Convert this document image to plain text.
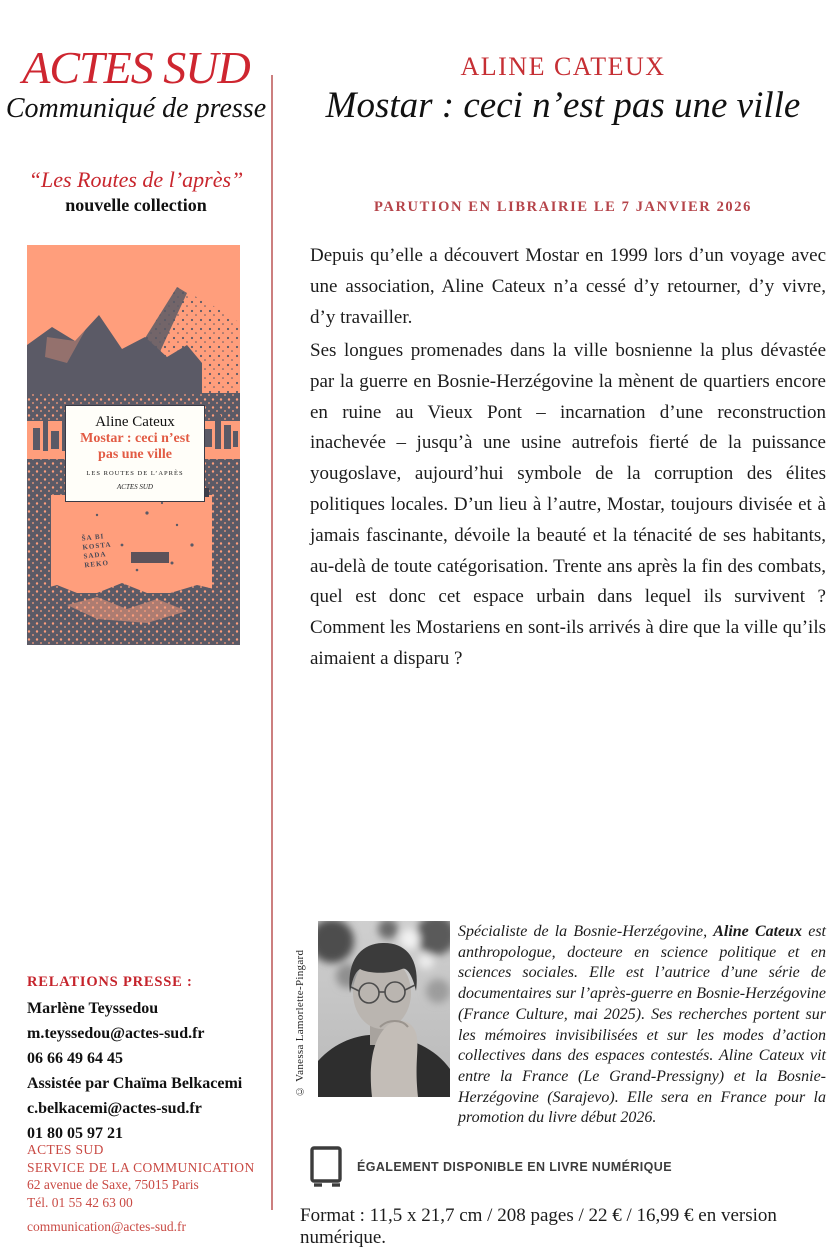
ACTES SUD
Communiqué de presse
“Les Routes de l’après”
nouvelle collection
ŠA BI
KOSTA
SADA
REKO
Aline Cateux
Mostar : ceci n’est
pas une ville
LES ROUTES DE L’APRÈS
ACTES SUD
RELATIONS PRESSE :
Marlène Teyssedou
m.teyssedou@actes-sud.fr
06 66 49 64 45
Assistée par Chaïma Belkacemi
c.belkacemi@actes-sud.fr
01 80 05 97 21
ACTES SUD
SERVICE DE LA COMMUNICATION
62 avenue de Saxe, 75015 Paris
Tél. 01 55 42 63 00
communication@actes-sud.fr
ALINE CATEUX
Mostar : ceci n’est pas une ville
PARUTION EN LIBRAIRIE LE 7 JANVIER 2026
Depuis qu’elle a découvert Mostar en 1999 lors d’un voyage avec une association, Aline Cateux n’a cessé d’y retourner, d’y vivre, d’y travailler.
Ses longues promenades dans la ville bosnienne la plus dévastée par la guerre en Bosnie-Herzégovine la mènent de quartiers encore en ruine au Vieux Pont – incarnation d’une reconstruction inachevée – jusqu’à une usine autrefois fierté de la puissance yougoslave, aujourd’hui symbole de la corruption des élites politiques locales. D’un lieu à l’autre, Mostar, toujours divisée et à jamais fascinante, dévoile la beauté et la ténacité de ses habitants, au-delà de toute catégorisation. Trente ans après la fin des combats, quel est donc cet espace urbain dans lequel ils survivent ? Comment les Mostariens en sont-ils arrivés à dire que la ville qu’ils aimaient a disparu ?
© Vanessa Lamorlette-Pingard
Spécialiste de la Bosnie-Herzégovine, Aline Cateux est anthropologue, docteure en science politique et en sciences sociales. Elle est l’autrice d’une série de documentaires sur l’après-guerre en Bosnie-Herzégovine (France Culture, mai 2025). Ses recherches portent sur les mémoires invisibilisées et sur les modes d’action collectives dans des espaces contestés. Aline Cateux vit entre la France (Le Grand-Pressigny) et la Bosnie-Herzégovine (Sarajevo). Elle sera en France pour la promotion du livre début 2026.
ÉGALEMENT DISPONIBLE EN LIVRE NUMÉRIQUE
Format : 11,5 x 21,7 cm / 208 pages / 22 € / 16,99 € en version numérique.
